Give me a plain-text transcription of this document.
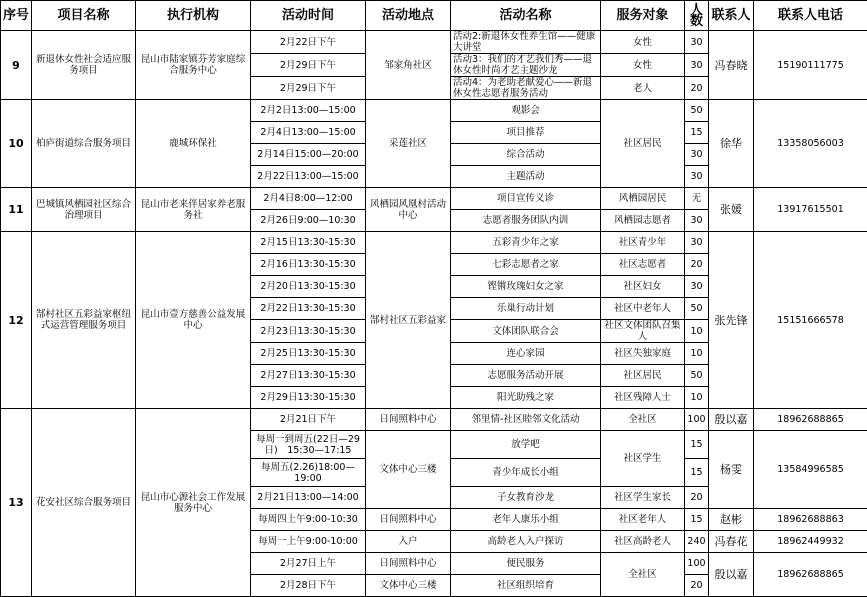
序号	项目名称	执行机构	活动时间	活动地点	活动名称	服务对象	人数	联系人	联系人电话
9	新退休女性社会适应服务项目	昆山市陆家镇芬芳家庭综合服务中心	2月22日下午	邹家角社区	活动2:新退休女性养生馆——健康大讲堂	女性	30	冯春晓	15190111775
			2月29日下午		活动3：我们的才艺我们秀——退休女性时尚才艺主题沙龙	女性	30		
			2月29日下午		活动4：为老助老献爱心——新退休女性志愿者服务活动	老人	20		
10	柏庐街道综合服务项目	鹿城环保社	2月2日13:00—15:00	采莲社区	观影会	社区居民	50	徐华	13358056003
			2月4日13:00—15:00		项目推荐		15		
			2月14日15:00—20:00		综合活动		30		
			2月22日13:00—15:00		主题活动		30		
11	巴城镇风栖园社区综合治理项目	昆山市老来伴居家养老服务社	2月4日8:00—12:00	风栖园风凰村活动中心	项目宣传义诊	风栖园居民	无	张媛	13917615501
			2月26日9:00—10:30		志愿者服务团队内训	风栖园志愿者	30		
12	郜村社区五彩益家枢纽式运营管理服务项目	昆山市壹方慈善公益发展中心	2月15日13:30-15:30	郜村社区五彩益家	五彩青少年之家	社区青少年	30	张先锋	15151666578
			2月16日13:30-15:30		七彩志愿者之家	社区志愿者	20		
			2月20日13:30-15:30		铿锵玫瑰妇女之家	社区妇女	30		
			2月22日13:30-15:30		乐巢行动计划	社区中老年人	50		
			2月23日13:30-15:30		文体团队联合会	社区文体团队召集人	10		
			2月25日13:30-15:30		连心家园	社区失独家庭	10		
			2月27日13:30-15:30		志愿服务活动开展	社区居民	50		
			2月29日13:30-15:30		阳光助残之家	社区残障人士	10		
13	花安社区综合服务项目	昆山市心源社会工作发展服务中心	2月21日下午	日间照料中心	邻里情-社区睦邻文化活动	全社区	100	殷以嘉	18962688865
			每周一到周五(22日—29日)　15:30—17:15	文体中心三楼	放学吧	社区学生	15	杨雯	13584996585
			每周五(2.26)18:00—19:00		青少年成长小组		15		
			2月21日13:00—14:00		子女教育沙龙	社区学生家长	20		
			每周四上午9:00-10:30	日间照料中心	老年人康乐小组	社区老年人	15	赵彬	18962688863
			每周一上午9:00-10:00	入户	高龄老人入户探访	社区高龄老人	240	冯春花	18962449932
			2月27日上午	日间照料中心	便民服务	全社区	100	殷以嘉	18962688865
			2月28日下午	文体中心三楼	社区组织培育		20		
